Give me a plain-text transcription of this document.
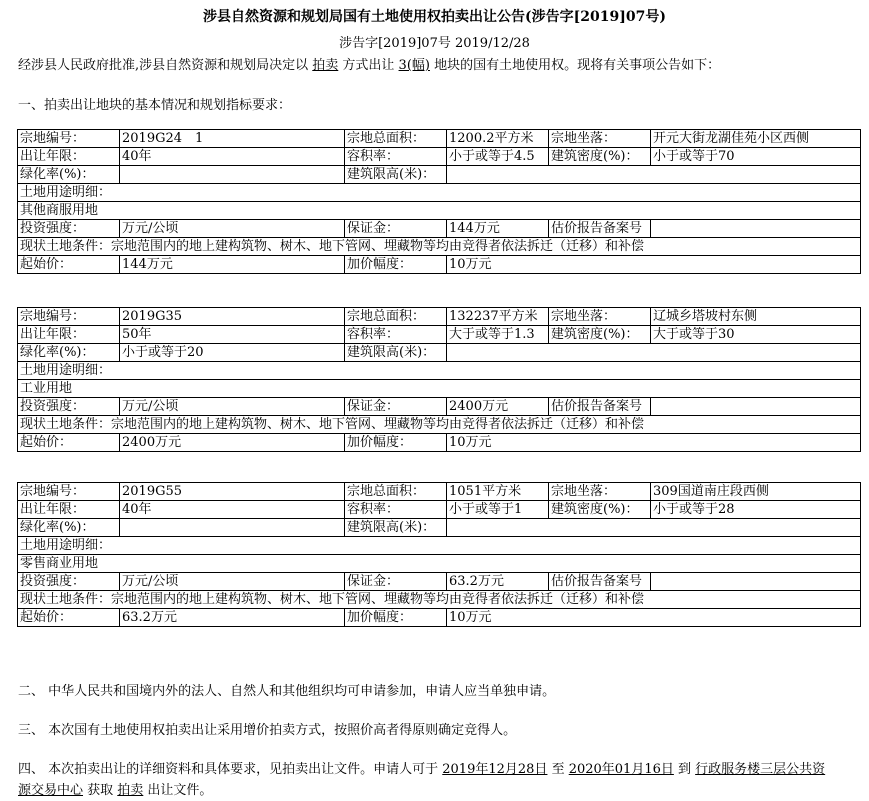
涉县自然资源和规划局国有土地使用权拍卖出让公告(涉告字[2019]07号)
涉告字[2019]07号 2019/12/28
经涉县人民政府批准,涉县自然资源和规划局决定以 拍卖 方式出让 3(幅) 地块的国有土地使用权。现将有关事项公告如下：
一、拍卖出让地块的基本情况和规划指标要求：
宗地编号：	2019G24　1	宗地总面积：	1200.2平方米	宗地坐落：	开元大街龙湖佳苑小区西侧
出让年限：	40年	容积率：	小于或等于4.5	建筑密度(%)：	小于或等于70
绿化率(%)：		建筑限高(米)：			
土地用途明细：					
其他商服用地					
投资强度：	万元/公顷	保证金：	144万元	估价报告备案号	
现状土地条件：宗地范围内的地上建构筑物、树木、地下管网、埋藏物等均由竞得者依法拆迁（迁移）和补偿					
起始价：	144万元	加价幅度：	10万元		
宗地编号：	2019G35	宗地总面积：	132237平方米	宗地坐落：	辽城乡塔坡村东侧
出让年限：	50年	容积率：	大于或等于1.3	建筑密度(%)：	大于或等于30
绿化率(%)：	小于或等于20	建筑限高(米)：			
土地用途明细：					
工业用地					
投资强度：	万元/公顷	保证金：	2400万元	估价报告备案号	
现状土地条件：宗地范围内的地上建构筑物、树木、地下管网、埋藏物等均由竞得者依法拆迁（迁移）和补偿					
起始价：	2400万元	加价幅度：	10万元		
宗地编号：	2019G55	宗地总面积：	1051平方米	宗地坐落：	309国道南庄段西侧
出让年限：	40年	容积率：	小于或等于1	建筑密度(%)：	小于或等于28
绿化率(%)：		建筑限高(米)：			
土地用途明细：					
零售商业用地					
投资强度：	万元/公顷	保证金：	63.2万元	估价报告备案号	
现状土地条件：宗地范围内的地上建构筑物、树木、地下管网、埋藏物等均由竞得者依法拆迁（迁移）和补偿					
起始价：	63.2万元	加价幅度：	10万元		
二、 中华人民共和国境内外的法人、自然人和其他组织均可申请参加，申请人应当单独申请。
三、 本次国有土地使用权拍卖出让采用增价拍卖方式，按照价高者得原则确定竞得人。
四、 本次拍卖出让的详细资料和具体要求，见拍卖出让文件。申请人可于 2019年12月28日 至 2020年01月16日 到 行政服务楼三层公共资
源交易中心 获取 拍卖 出让文件。
